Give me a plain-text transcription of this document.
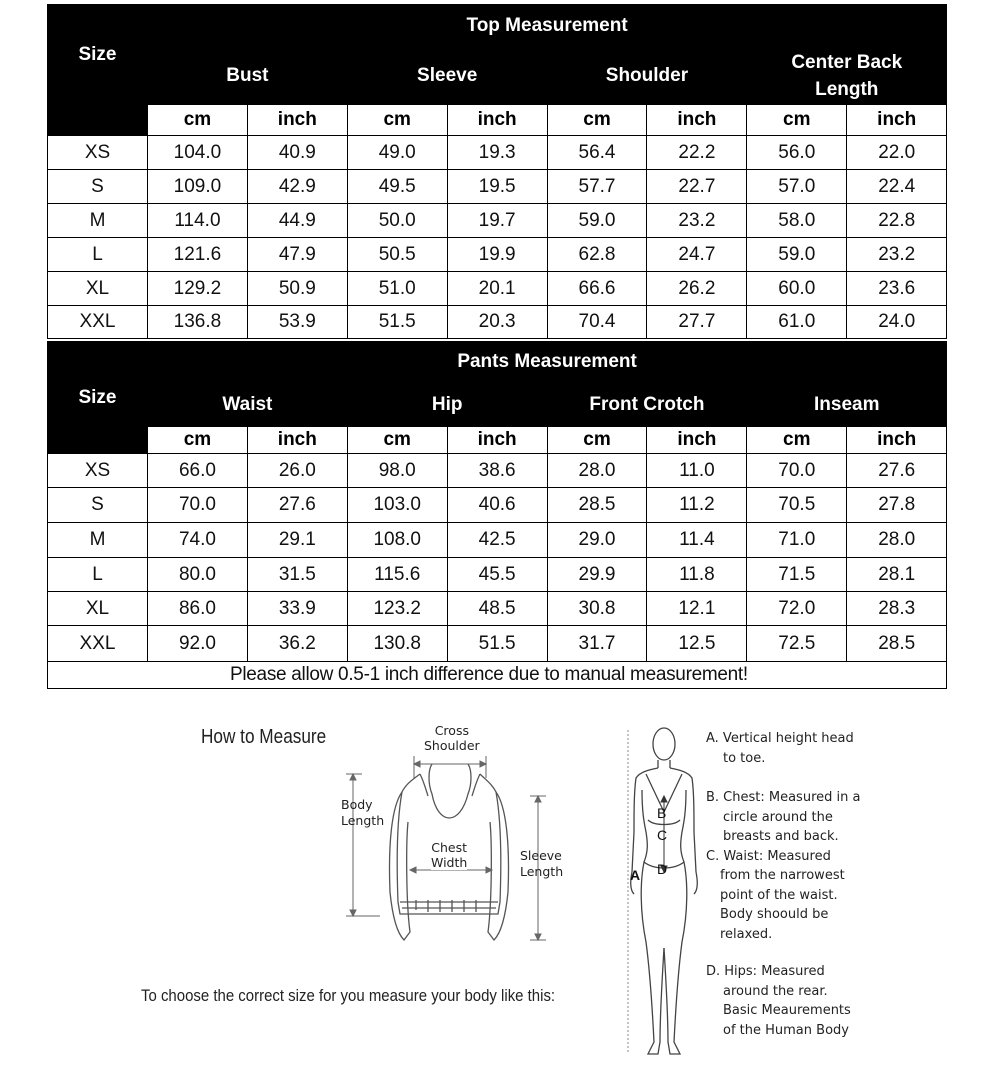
Size	Top Measurement							
	Bust		Sleeve		Shoulder		Center Back Length	
	cm	inch	cm	inch	cm	inch	cm	inch
XS	104.0	40.9	49.0	19.3	56.4	22.2	56.0	22.0
S	109.0	42.9	49.5	19.5	57.7	22.7	57.0	22.4
M	114.0	44.9	50.0	19.7	59.0	23.2	58.0	22.8
L	121.6	47.9	50.5	19.9	62.8	24.7	59.0	23.2
XL	129.2	50.9	51.0	20.1	66.6	26.2	60.0	23.6
XXL	136.8	53.9	51.5	20.3	70.4	27.7	61.0	24.0
Size	Pants Measurement							
	Waist		Hip		Front Crotch		Inseam	
	cm	inch	cm	inch	cm	inch	cm	inch
XS	66.0	26.0	98.0	38.6	28.0	11.0	70.0	27.6
S	70.0	27.6	103.0	40.6	28.5	11.2	70.5	27.8
M	74.0	29.1	108.0	42.5	29.0	11.4	71.0	28.0
L	80.0	31.5	115.6	45.5	29.9	11.8	71.5	28.1
XL	86.0	33.9	123.2	48.5	30.8	12.1	72.0	28.3
XXL	92.0	36.2	130.8	51.5	31.7	12.5	72.5	28.5
Please allow 0.5-1 inch difference due to manual measurement!								
How to Measure	Cross
Shoulder
Body
Length
Chest
Width	Sleeve
Length
To choose the correct size for you measure your body like this:
A
B
C
D
A. Vertical height head
to toe.
B. Chest: Measured in a
circle around the
breasts and back.
C. Waist: Measured
from the narrowest
point of the waist.
Body shoould be
relaxed.
D. Hips: Measured
around the rear.
Basic Meaurements
of the Human Body
